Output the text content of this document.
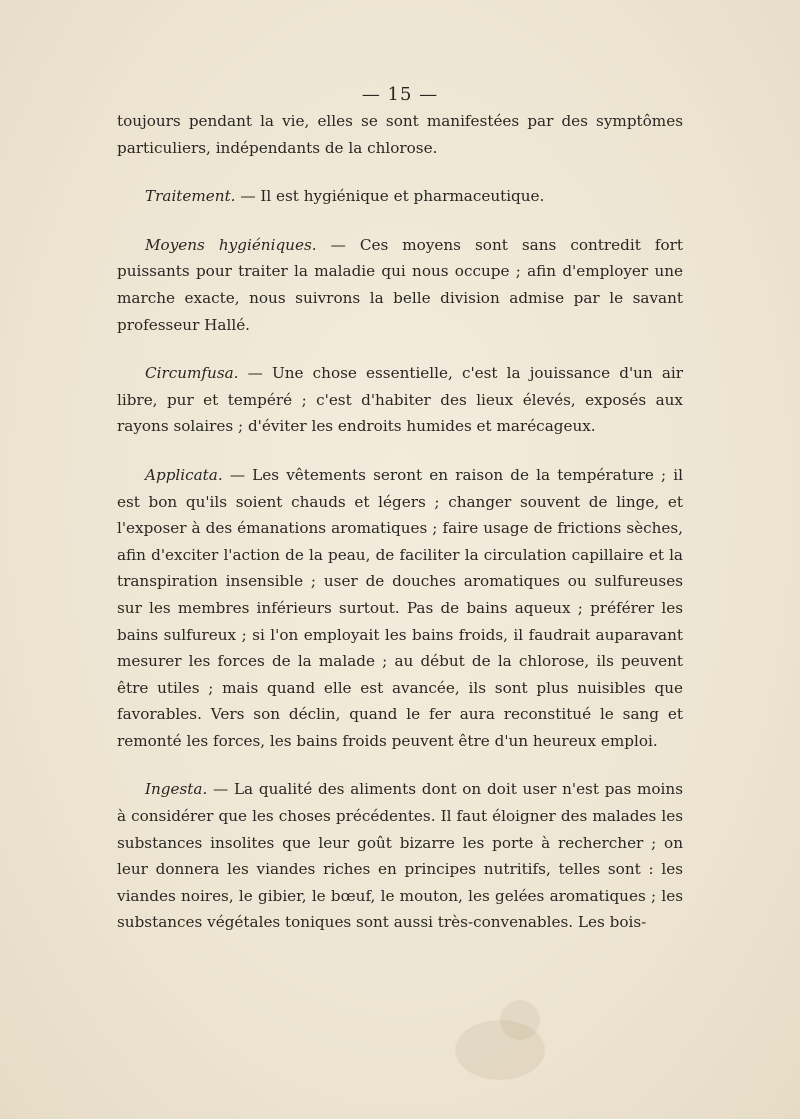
— 15 —

toujours pendant la vie, elles se sont manifestées par des symptômes particuliers, indépendants de la chlorose.

Traitement. — Il est hygiénique et pharmaceutique.

Moyens hygiéniques. — Ces moyens sont sans contredit fort puissants pour traiter la maladie qui nous occupe ; afin d'employer une marche exacte, nous suivrons la belle division admise par le savant professeur Hallé.

Circumfusa. — Une chose essentielle, c'est la jouissance d'un air libre, pur et tempéré ; c'est d'habiter des lieux élevés, exposés aux rayons solaires ; d'éviter les endroits humides et marécageux.

Applicata. — Les vêtements seront en raison de la température ; il est bon qu'ils soient chauds et légers ; changer souvent de linge, et l'exposer à des émanations aromatiques ; faire usage de frictions sèches, afin d'exciter l'action de la peau, de faciliter la circulation capillaire et la transpiration insensible ; user de douches aromatiques ou sulfureuses sur les membres inférieurs surtout. Pas de bains aqueux ; préférer les bains sulfureux ; si l'on employait les bains froids, il faudrait auparavant mesurer les forces de la malade ; au début de la chlorose, ils peuvent être utiles ; mais quand elle est avancée, ils sont plus nuisibles que favorables. Vers son déclin, quand le fer aura reconstitué le sang et remonté les forces, les bains froids peuvent être d'un heureux emploi.

Ingesta. — La qualité des aliments dont on doit user n'est pas moins à considérer que les choses précédentes. Il faut éloigner des malades les substances insolites que leur goût bizarre les porte à rechercher ; on leur donnera les viandes riches en principes nutritifs, telles sont : les viandes noires, le gibier, le bœuf, le mouton, les gelées aromatiques ; les substances végétales toniques sont aussi très-convenables. Les bois-
